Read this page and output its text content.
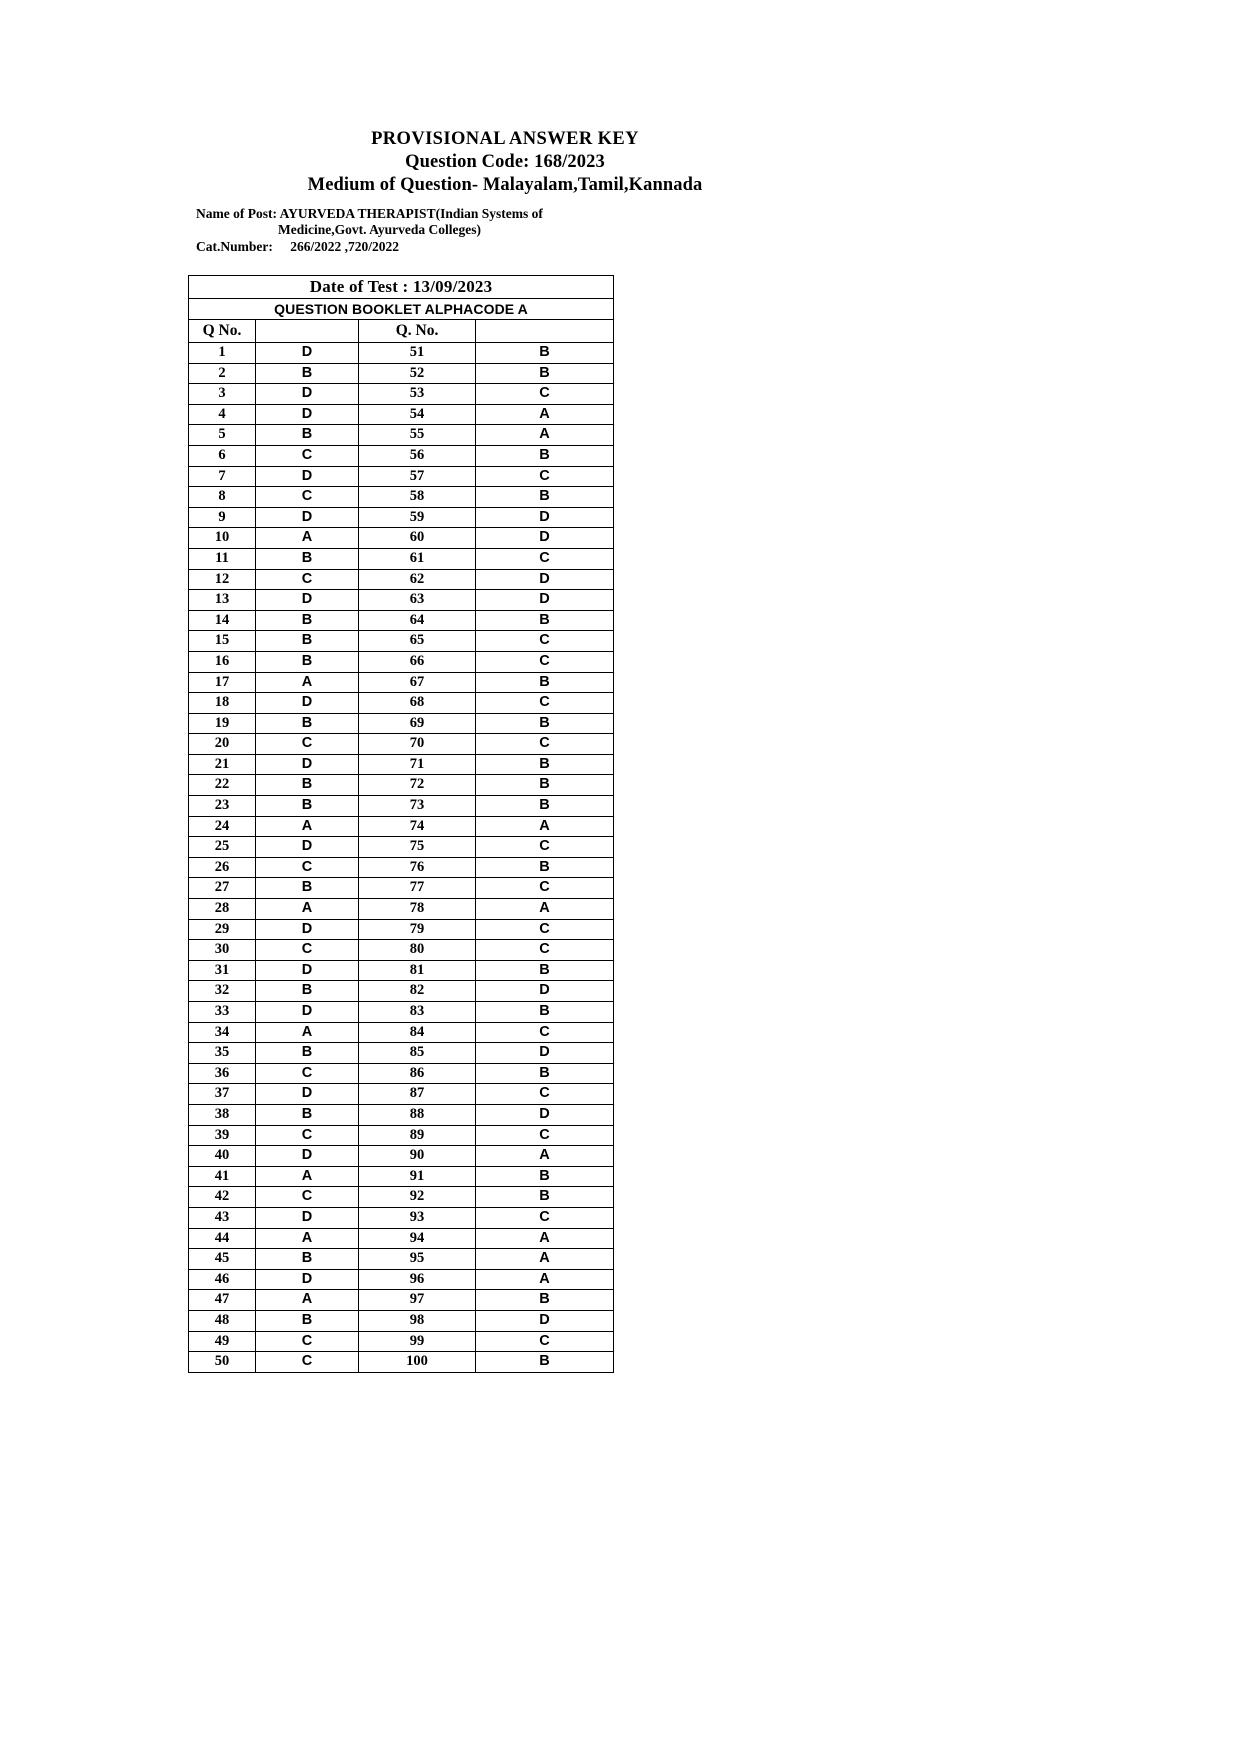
PROVISIONAL ANSWER KEY
Question Code: 168/2023
Medium of Question- Malayalam,Tamil,Kannada
Name of Post: AYURVEDA THERAPIST(Indian Systems of
Medicine,Govt. Ayurveda Colleges)
Cat.Number: 266/2022 ,720/2022
Date of Test : 13/09/2023			
QUESTION BOOKLET ALPHACODE A			
Q No.		Q. No.	
1	D	51	B
2	B	52	B
3	D	53	C
4	D	54	A
5	B	55	A
6	C	56	B
7	D	57	C
8	C	58	B
9	D	59	D
10	A	60	D
11	B	61	C
12	C	62	D
13	D	63	D
14	B	64	B
15	B	65	C
16	B	66	C
17	A	67	B
18	D	68	C
19	B	69	B
20	C	70	C
21	D	71	B
22	B	72	B
23	B	73	B
24	A	74	A
25	D	75	C
26	C	76	B
27	B	77	C
28	A	78	A
29	D	79	C
30	C	80	C
31	D	81	B
32	B	82	D
33	D	83	B
34	A	84	C
35	B	85	D
36	C	86	B
37	D	87	C
38	B	88	D
39	C	89	C
40	D	90	A
41	A	91	B
42	C	92	B
43	D	93	C
44	A	94	A
45	B	95	A
46	D	96	A
47	A	97	B
48	B	98	D
49	C	99	C
50	C	100	B
